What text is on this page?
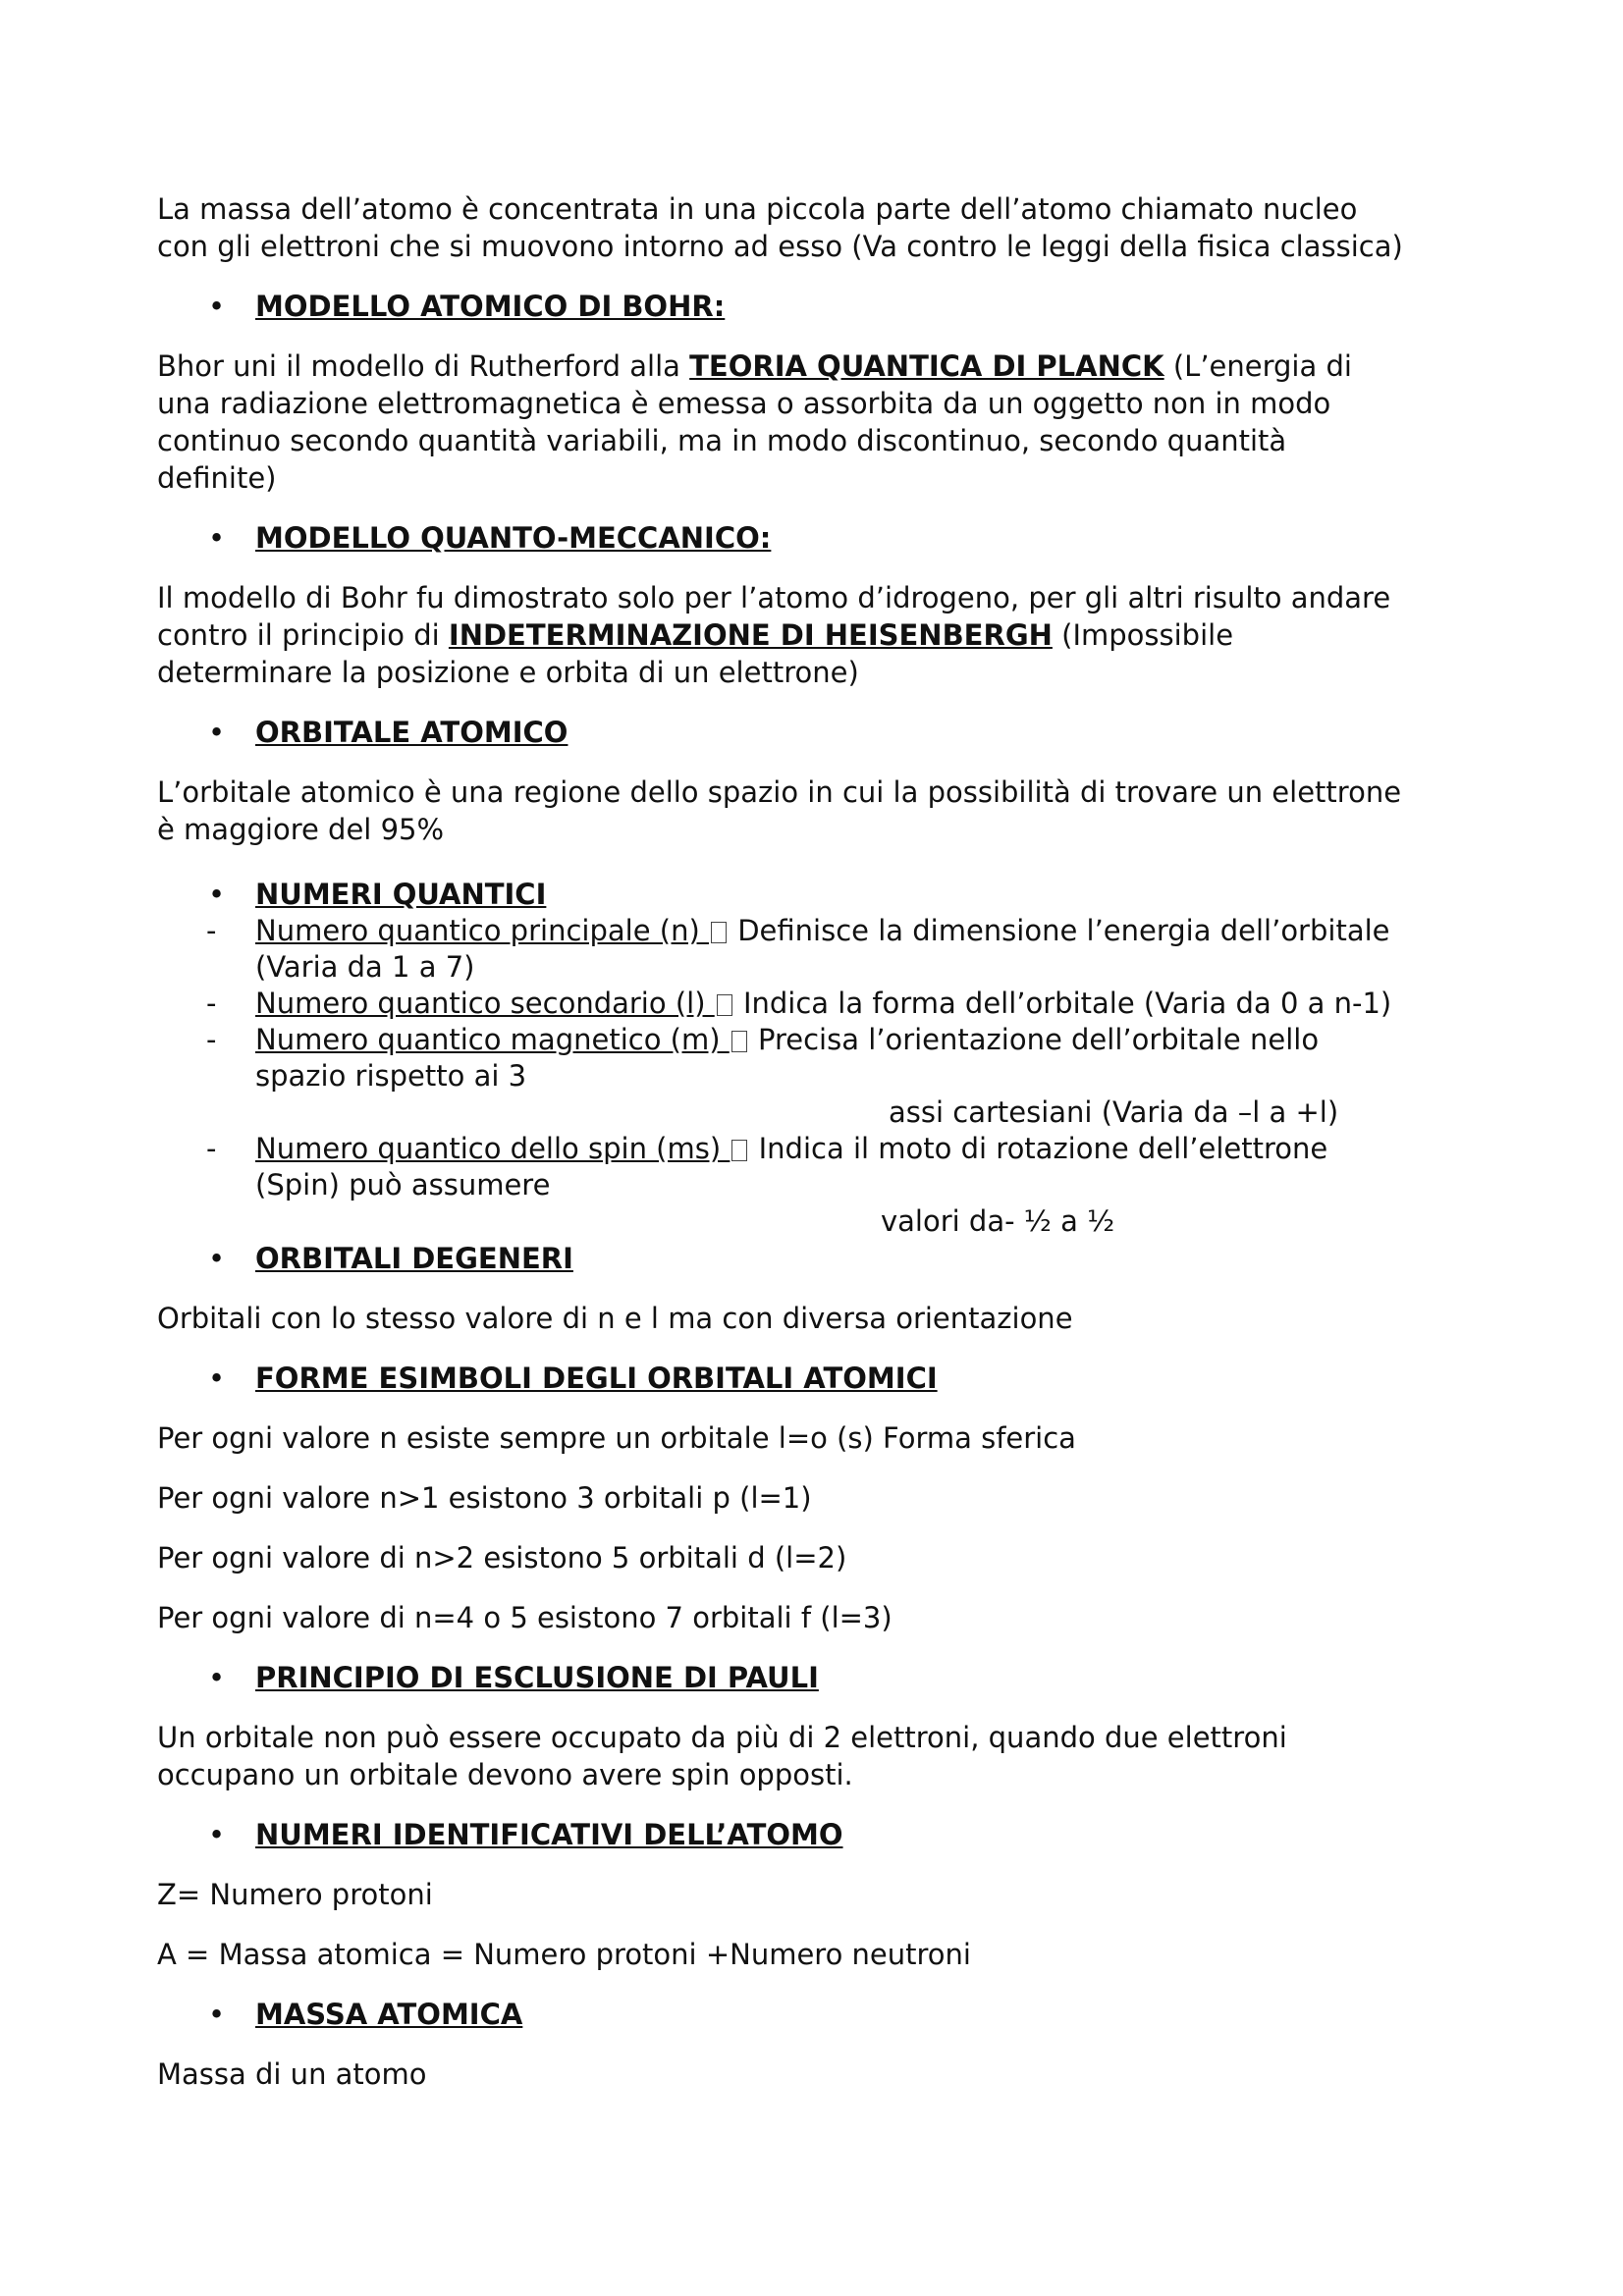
La massa dell’atomo è concentrata in una piccola parte dell’atomo chiamato nucleo

con gli elettroni che si muovono intorno ad esso (Va contro le leggi della fisica classica)

• MODELLO ATOMICO DI BOHR:

Bhor uni il modello di Rutherford alla TEORIA QUANTICA DI PLANCK (L’energia di

una radiazione elettromagnetica è emessa o assorbita da un oggetto non in modo

continuo secondo quantità variabili, ma in modo discontinuo, secondo quantità

definite)

• MODELLO QUANTO-MECCANICO:

Il modello di Bohr fu dimostrato solo per l’atomo d’idrogeno, per gli altri risulto andare

contro il principio di INDETERMINAZIONE DI HEISENBERGH (Impossibile

determinare la posizione e orbita di un elettrone)

• ORBITALE ATOMICO

L’orbitale atomico è una regione dello spazio in cui la possibilità di trovare un elettrone

è maggiore del 95%

• NUMERI QUANTICI
- Numero quantico principale (n)  Definisce la dimensione l’energia dell’orbitale
(Varia da 1 a 7)
- Numero quantico secondario (l)  Indica la forma dell’orbitale (Varia da 0 a n-1)
- Numero quantico magnetico (m)  Precisa l’orientazione dell’orbitale nello
spazio rispetto ai 3
assi cartesiani (Varia da –l a +l)
- Numero quantico dello spin (ms)  Indica il moto di rotazione dell’elettrone
(Spin) può assumere
valori da- ½ a ½
• ORBITALI DEGENERI

Orbitali con lo stesso valore di n e l ma con diversa orientazione

• FORME ESIMBOLI DEGLI ORBITALI ATOMICI

Per ogni valore n esiste sempre un orbitale l=o (s) Forma sferica

Per ogni valore n>1 esistono 3 orbitali p (l=1)

Per ogni valore di n>2 esistono 5 orbitali d (l=2)

Per ogni valore di n=4 o 5 esistono 7 orbitali f (l=3)

• PRINCIPIO DI ESCLUSIONE DI PAULI

Un orbitale non può essere occupato da più di 2 elettroni, quando due elettroni

occupano un orbitale devono avere spin opposti.

• NUMERI IDENTIFICATIVI DELL’ATOMO

Z= Numero protoni

A = Massa atomica = Numero protoni +Numero neutroni

• MASSA ATOMICA

Massa di un atomo
